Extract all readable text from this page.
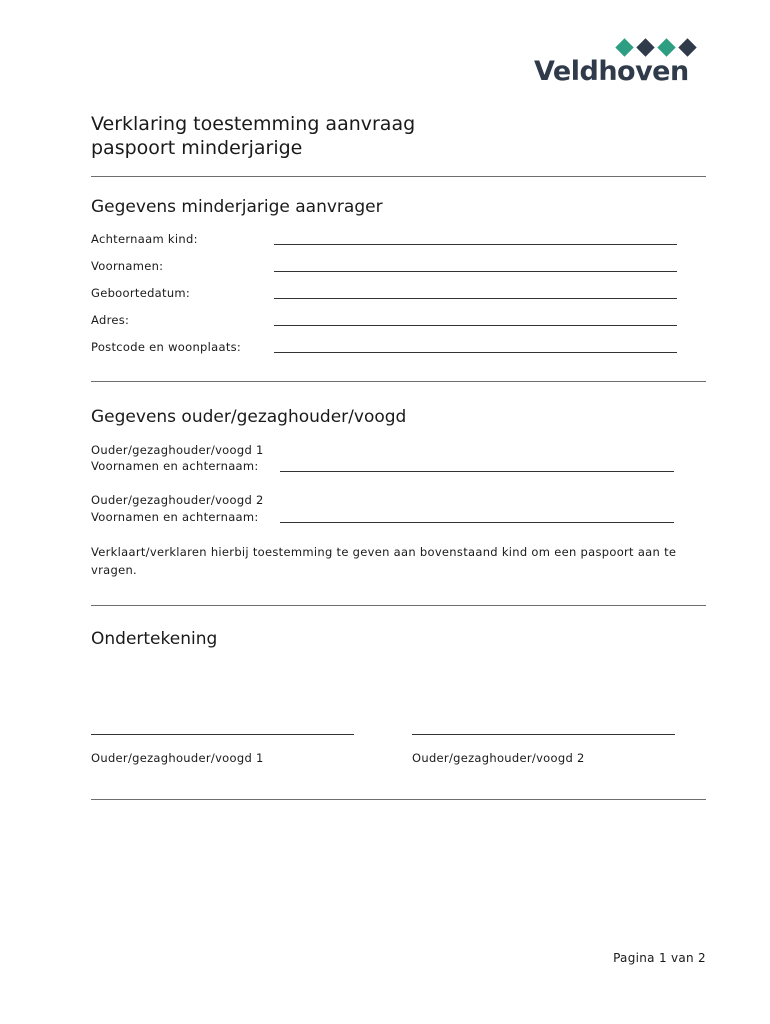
Veldhoven
Verklaring toestemming aanvraag
paspoort minderjarige
Gegevens minderjarige aanvrager
Achternaam kind:
Voornamen:
Geboortedatum:
Adres:
Postcode en woonplaats:
Gegevens ouder/gezaghouder/voogd
Ouder/gezaghouder/voogd 1
Voornamen en achternaam:
Ouder/gezaghouder/voogd 2
Voornamen en achternaam:
Verklaart/verklaren hierbij toestemming te geven aan bovenstaand kind om een paspoort aan te vragen.
Ondertekening
Ouder/gezaghouder/voogd 1	Ouder/gezaghouder/voogd 2
Pagina 1 van 2
